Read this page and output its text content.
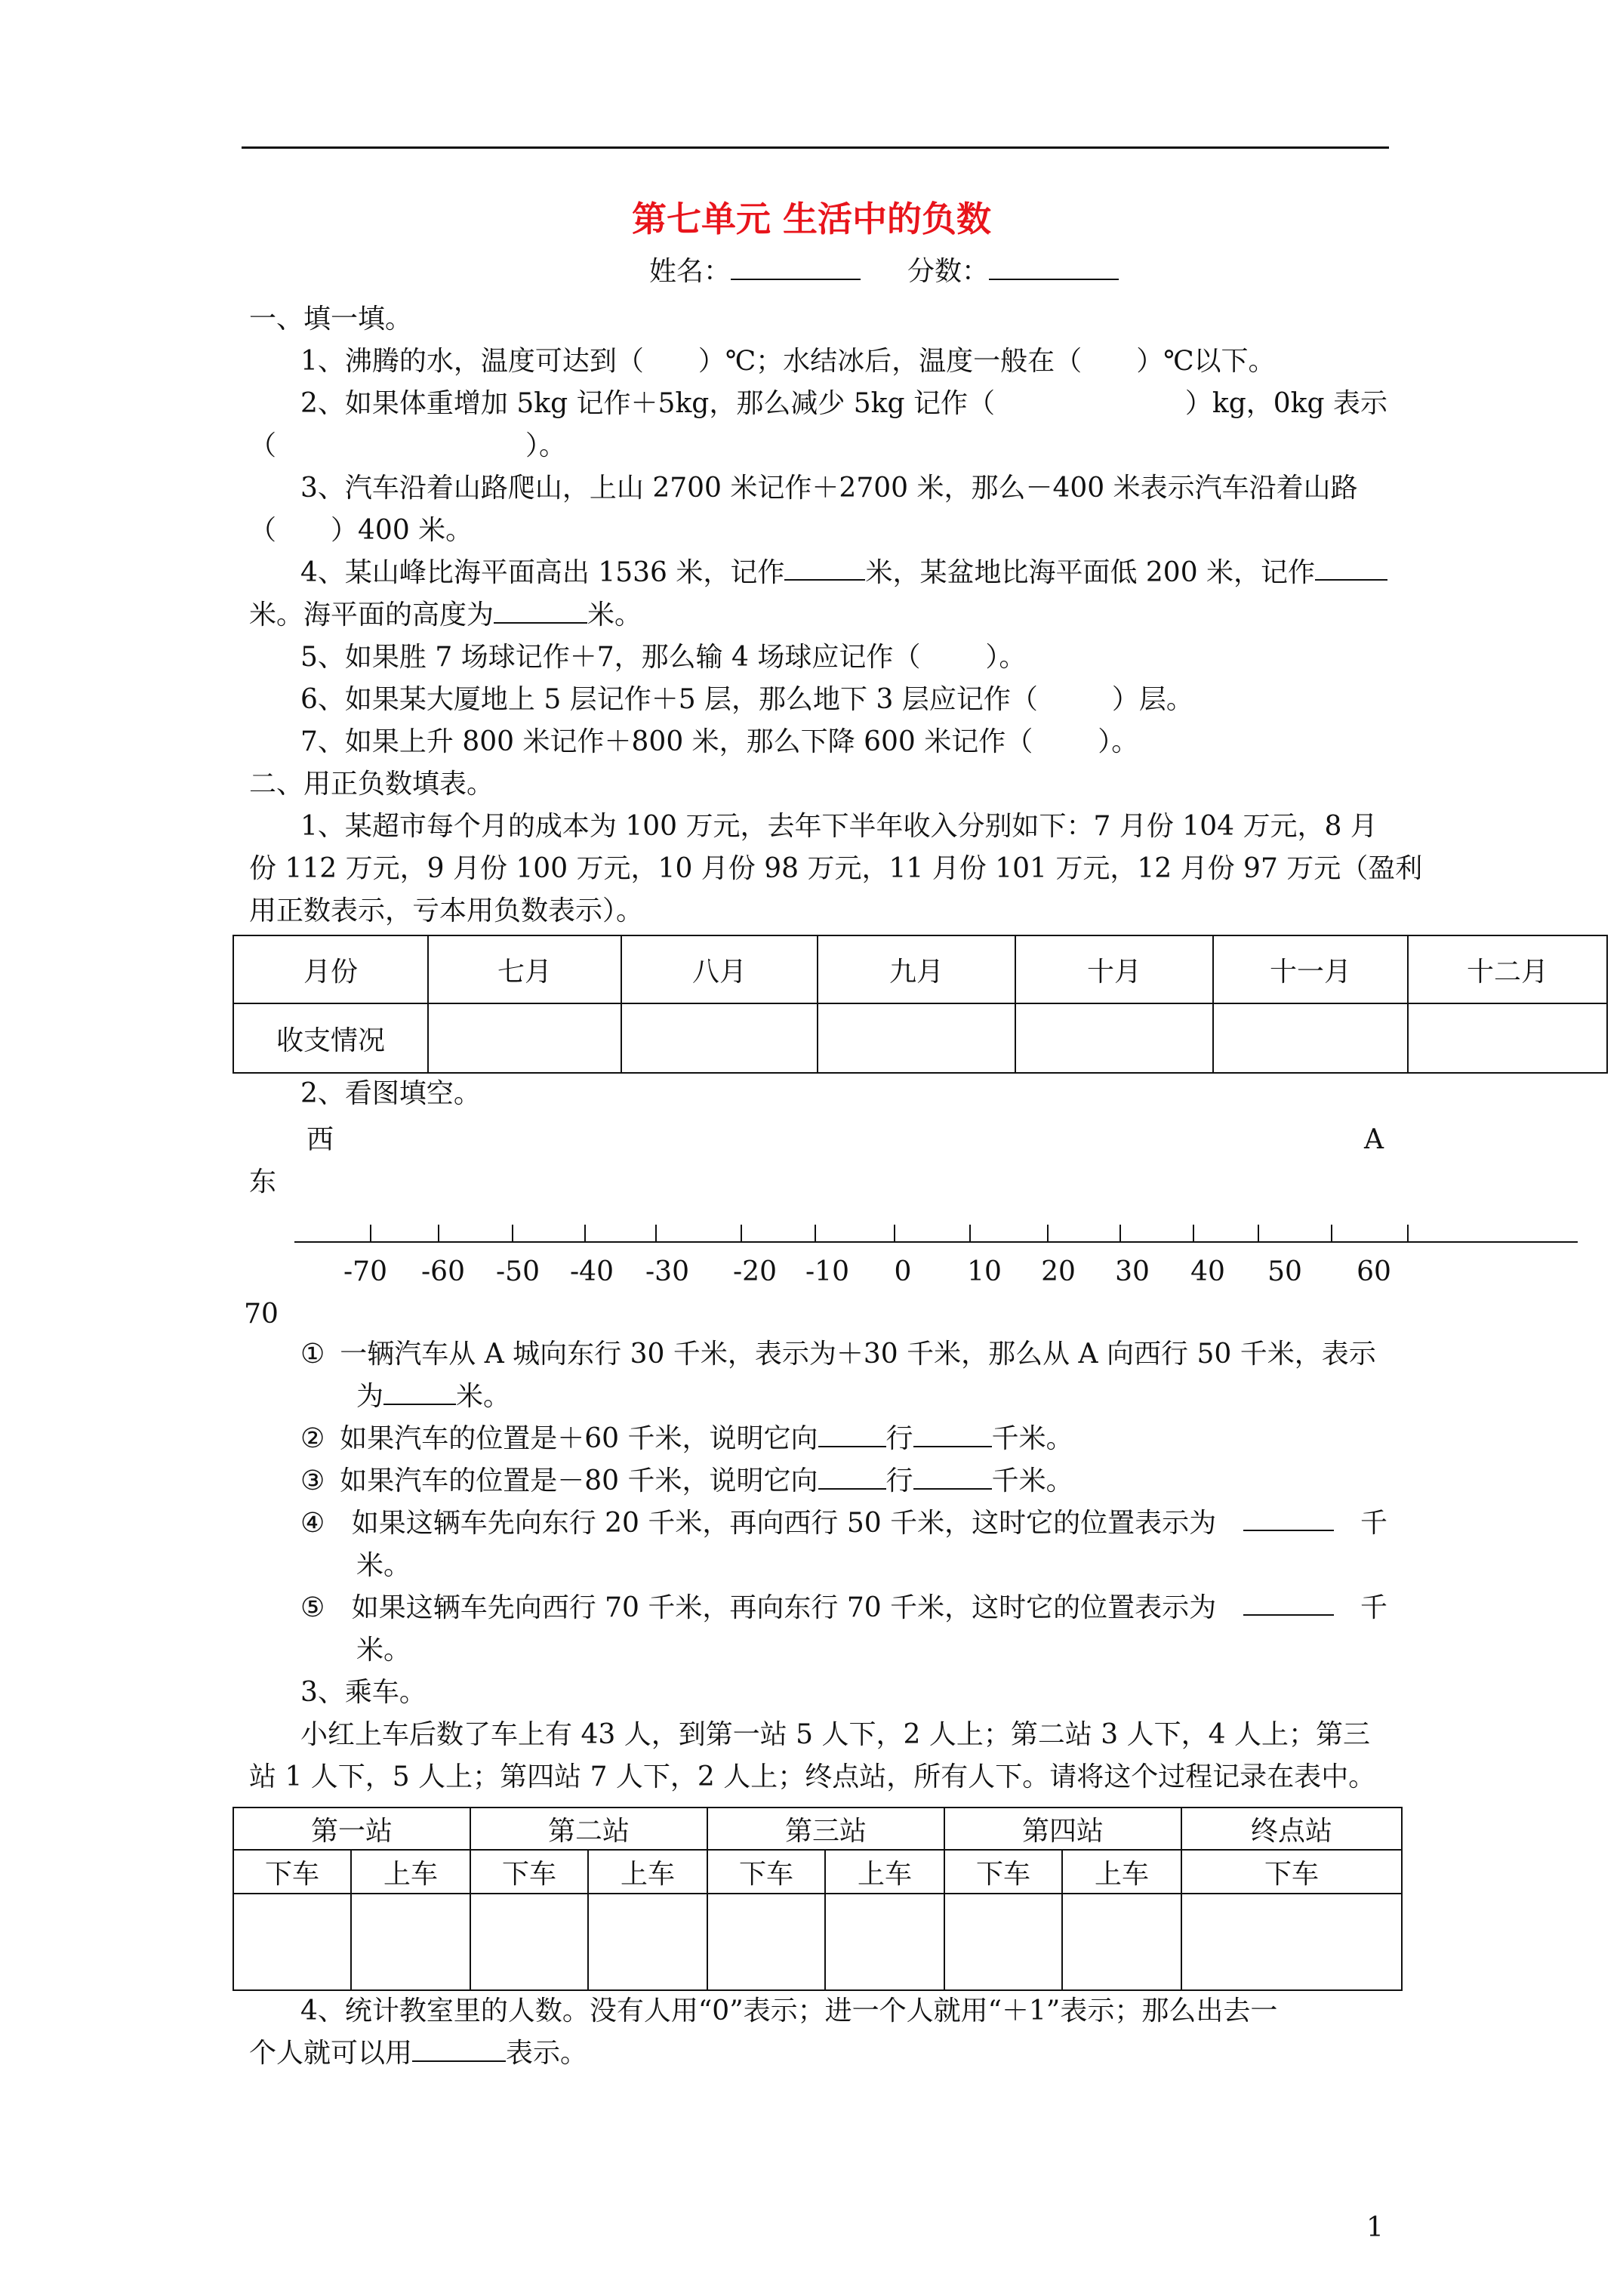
第七单元 生活中的负数
姓名：	分数：
一、填一填。
1、沸腾的水，温度可达到（ ）℃；水结冰后，温度一般在（ ）℃以下。
2、如果体重增加 5kg 记作＋5kg，那么减少 5kg 记作（	）kg，0kg 表示
（	）。
3、汽车沿着山路爬山，上山 2700 米记作＋2700 米，那么－400 米表示汽车沿着山路
（ ）400 米。
4、某山峰比海平面高出 1536 米，记作	米，某盆地比海平面低 200 米，记作
米。海平面的高度为	米。
5、如果胜 7 场球记作＋7，那么输 4 场球应记作（ ）。
6、如果某大厦地上 5 层记作＋5 层，那么地下 3 层应记作（	）层。
7、如果上升 800 米记作＋800 米，那么下降 600 米记作（ ）。
二、用正负数填表。
1、某超市每个月的成本为 100 万元，去年下半年收入分别如下：7 月份 104 万元，8 月
份 112 万元，9 月份 100 万元，10 月份 98 万元，11 月份 101 万元，12 月份 97 万元（盈利
用正数表示，亏本用负数表示）。
月份	七月	八月	九月	十月	十一月	十二月
收支情况						
2、看图填空。
西	A
东
-70 -60 -50 -40 -30 -20 -10 0 10 20 30 40 50 60
70
① 一辆汽车从 A 城向东行 30 千米，表示为＋30 千米，那么从 A 向西行 50 千米，表示
为	米。
② 如果汽车的位置是＋60 千米，说明它向	行	千米。
③ 如果汽车的位置是－80 千米，说明它向	行	千米。
④ 如果这辆车先向东行 20 千米，再向西行 50 千米，这时它的位置表示为	千
米。
⑤ 如果这辆车先向西行 70 千米，再向东行 70 千米，这时它的位置表示为	千
米。
3、乘车。
小红上车后数了车上有 43 人，到第一站 5 人下，2 人上；第二站 3 人下，4 人上；第三
站 1 人下，5 人上；第四站 7 人下，2 人上；终点站，所有人下。请将这个过程记录在表中。
第一站		第二站		第三站		第四站		终点站
下车	上车	下车	上车	下车	上车	下车	上车	下车

4、统计教室里的人数。没有人用“0”表示；进一个人就用“＋1”表示；那么出去一
个人就可以用	表示。
1
